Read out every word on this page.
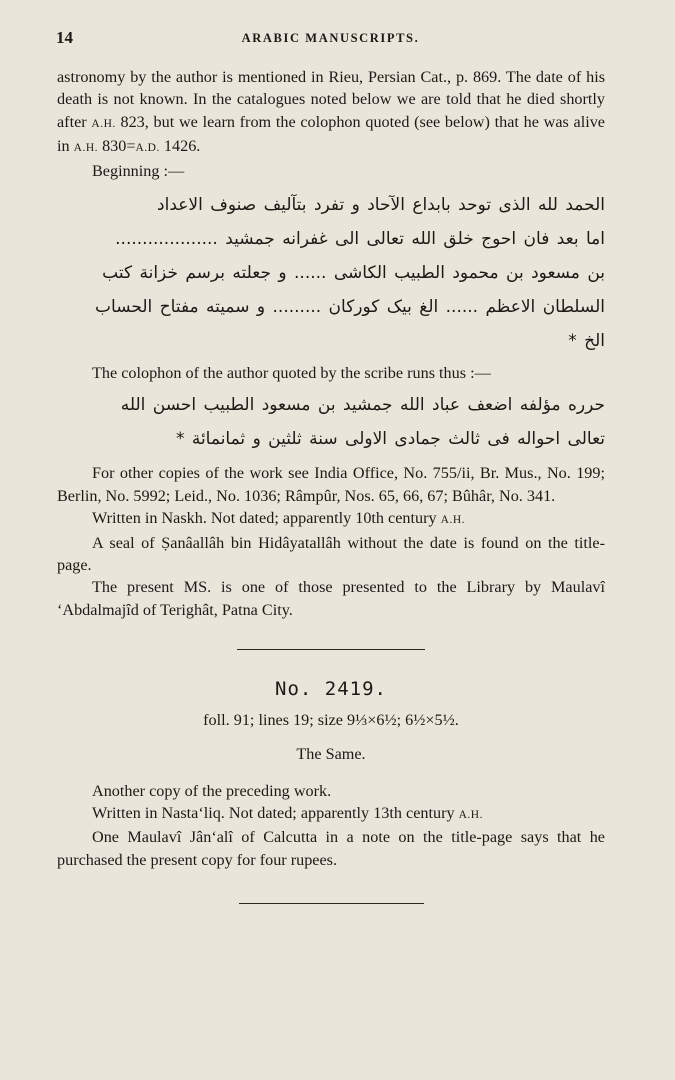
14	ARABIC MANUSCRIPTS.

astronomy by the author is mentioned in Rieu, Persian Cat., p. 869. The date of his death is not known. In the catalogues noted below we are told that he died shortly after A.H. 823, but we learn from the colophon quoted (see below) that he was alive in A.H. 830=A.D. 1426.

Beginning :—
الحمد لله الذی توحد بابداع الآحاد و تفرد بتآلیف صنوف الاعداد
اما بعد فان احوج خلق الله تعالی الی غفرانه جمشید ...................
بن مسعود بن محمود الطبیب الکاشی ...... و جعلته برسم خزانة کتب
السلطان الاعظم ...... الغ بیک کورکان ......... و سمیته مفتاح الحساب
الخ *

The colophon of the author quoted by the scribe runs thus :—

حرره مؤلفه اضعف عباد الله جمشید بن مسعود الطبیب احسن الله
تعالی احواله فی ثالث جمادی الاولی سنة ثلثین و ثمانمائة *

For other copies of the work see India Office, No. 755/ii, Br. Mus., No. 199; Berlin, No. 5992; Leid., No. 1036; Râmpûr, Nos. 65, 66, 67; Bûhâr, No. 341.

Written in Naskh. Not dated; apparently 10th century A.H.

A seal of Ṣanâallâh bin Hidâyatallâh without the date is found on the title-page.

The present MS. is one of those presented to the Library by Maulavî ‘Abdalmajîd of Terighât, Patna City.

No. 2419.
foll. 91; lines 19; size 9⅓×6½; 6½×5½.
The Same.

Another copy of the preceding work.

Written in Nasta‘liq. Not dated; apparently 13th century A.H.

One Maulavî Jân‘alî of Calcutta in a note on the title-page says that he purchased the present copy for four rupees.
